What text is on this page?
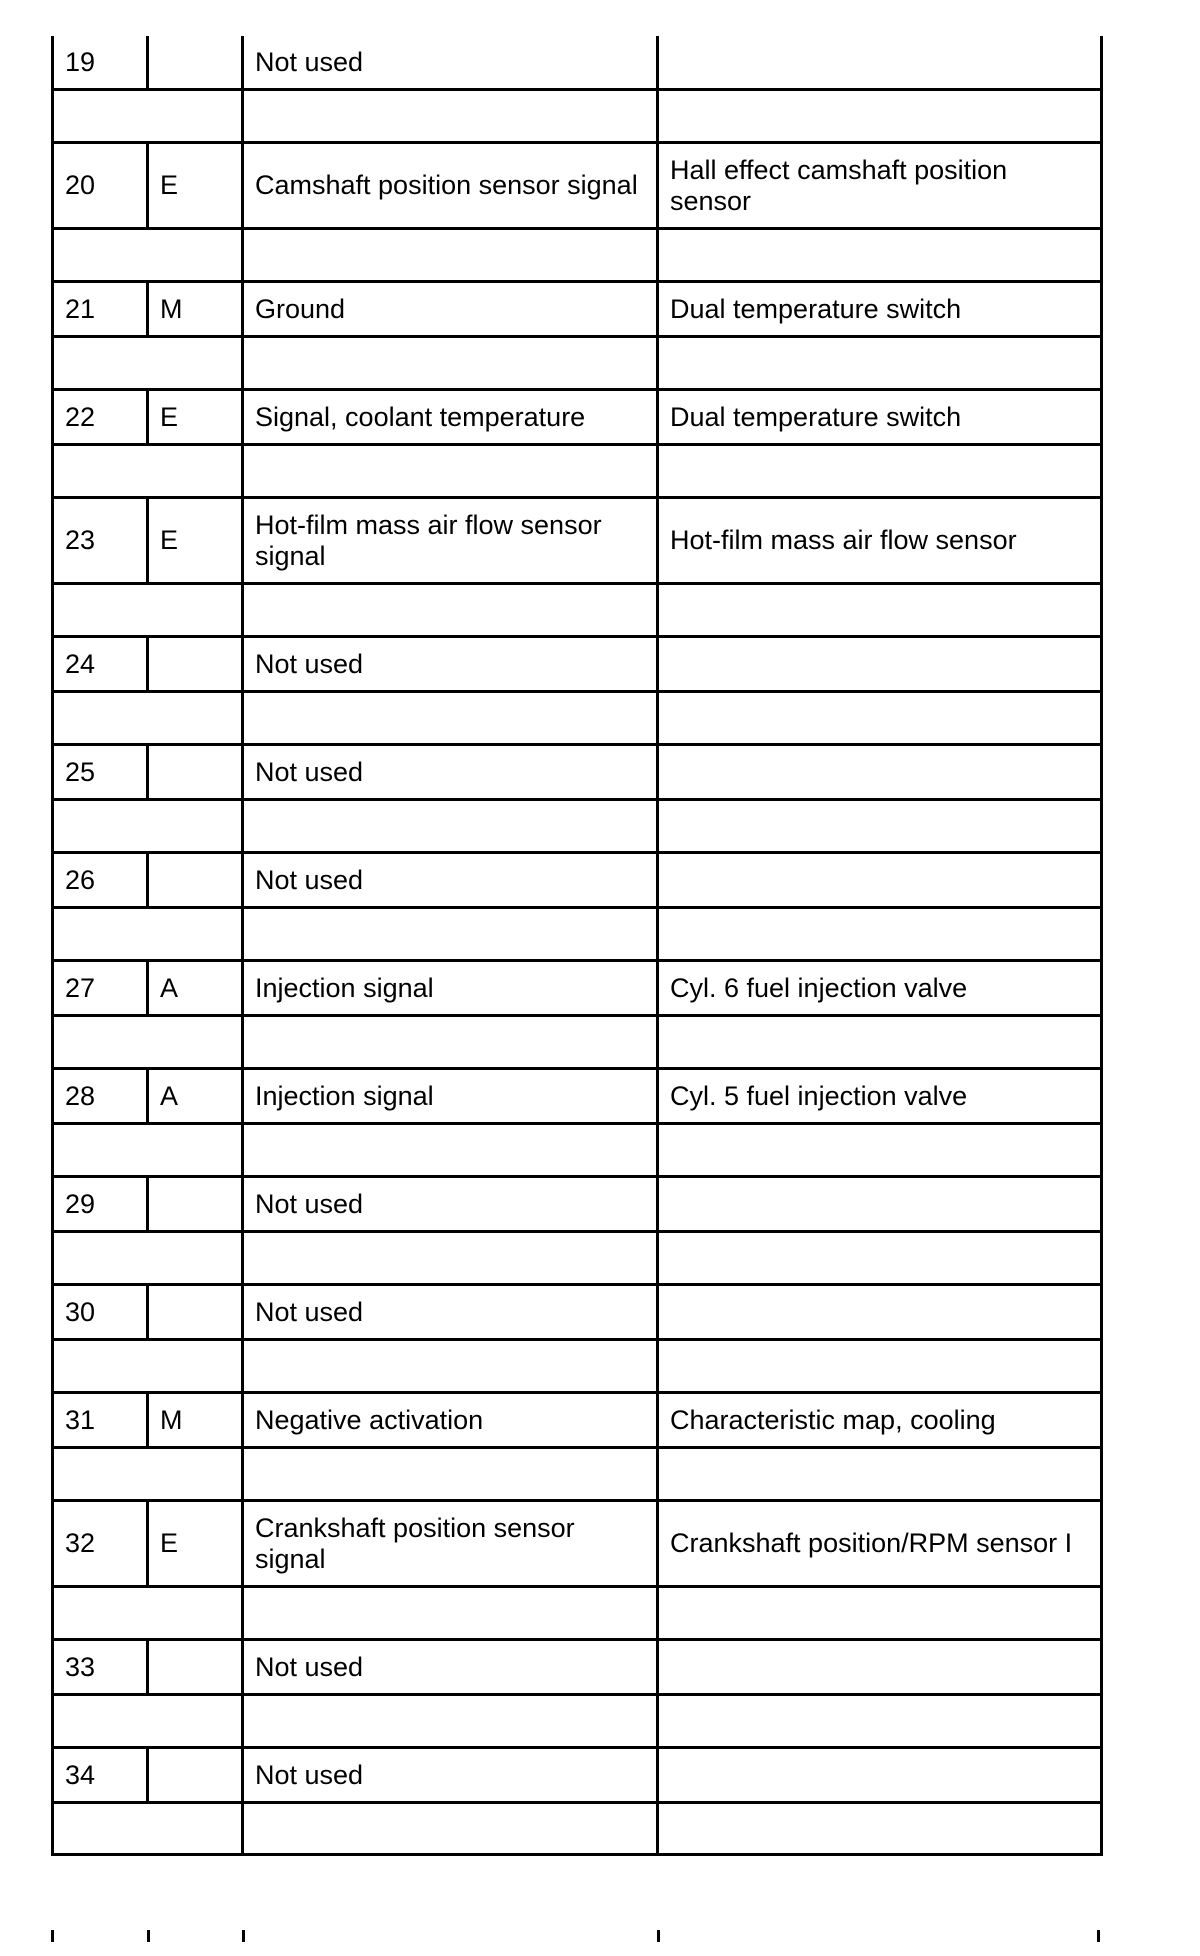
19		Not used	

20	E	Camshaft position sensor signal	Hall effect camshaft position sensor

21	M	Ground	Dual temperature switch

22	E	Signal, coolant temperature	Dual temperature switch

23	E	Hot-film mass air flow sensor signal	Hot-film mass air flow sensor

24		Not used	

25		Not used	

26		Not used	

27	A	Injection signal	Cyl. 6 fuel injection valve

28	A	Injection signal	Cyl. 5 fuel injection valve

29		Not used	

30		Not used	

31	M	Negative activation	Characteristic map, cooling

32	E	Crankshaft position sensor signal	Crankshaft position/RPM sensor I

33		Not used	

34		Not used	
